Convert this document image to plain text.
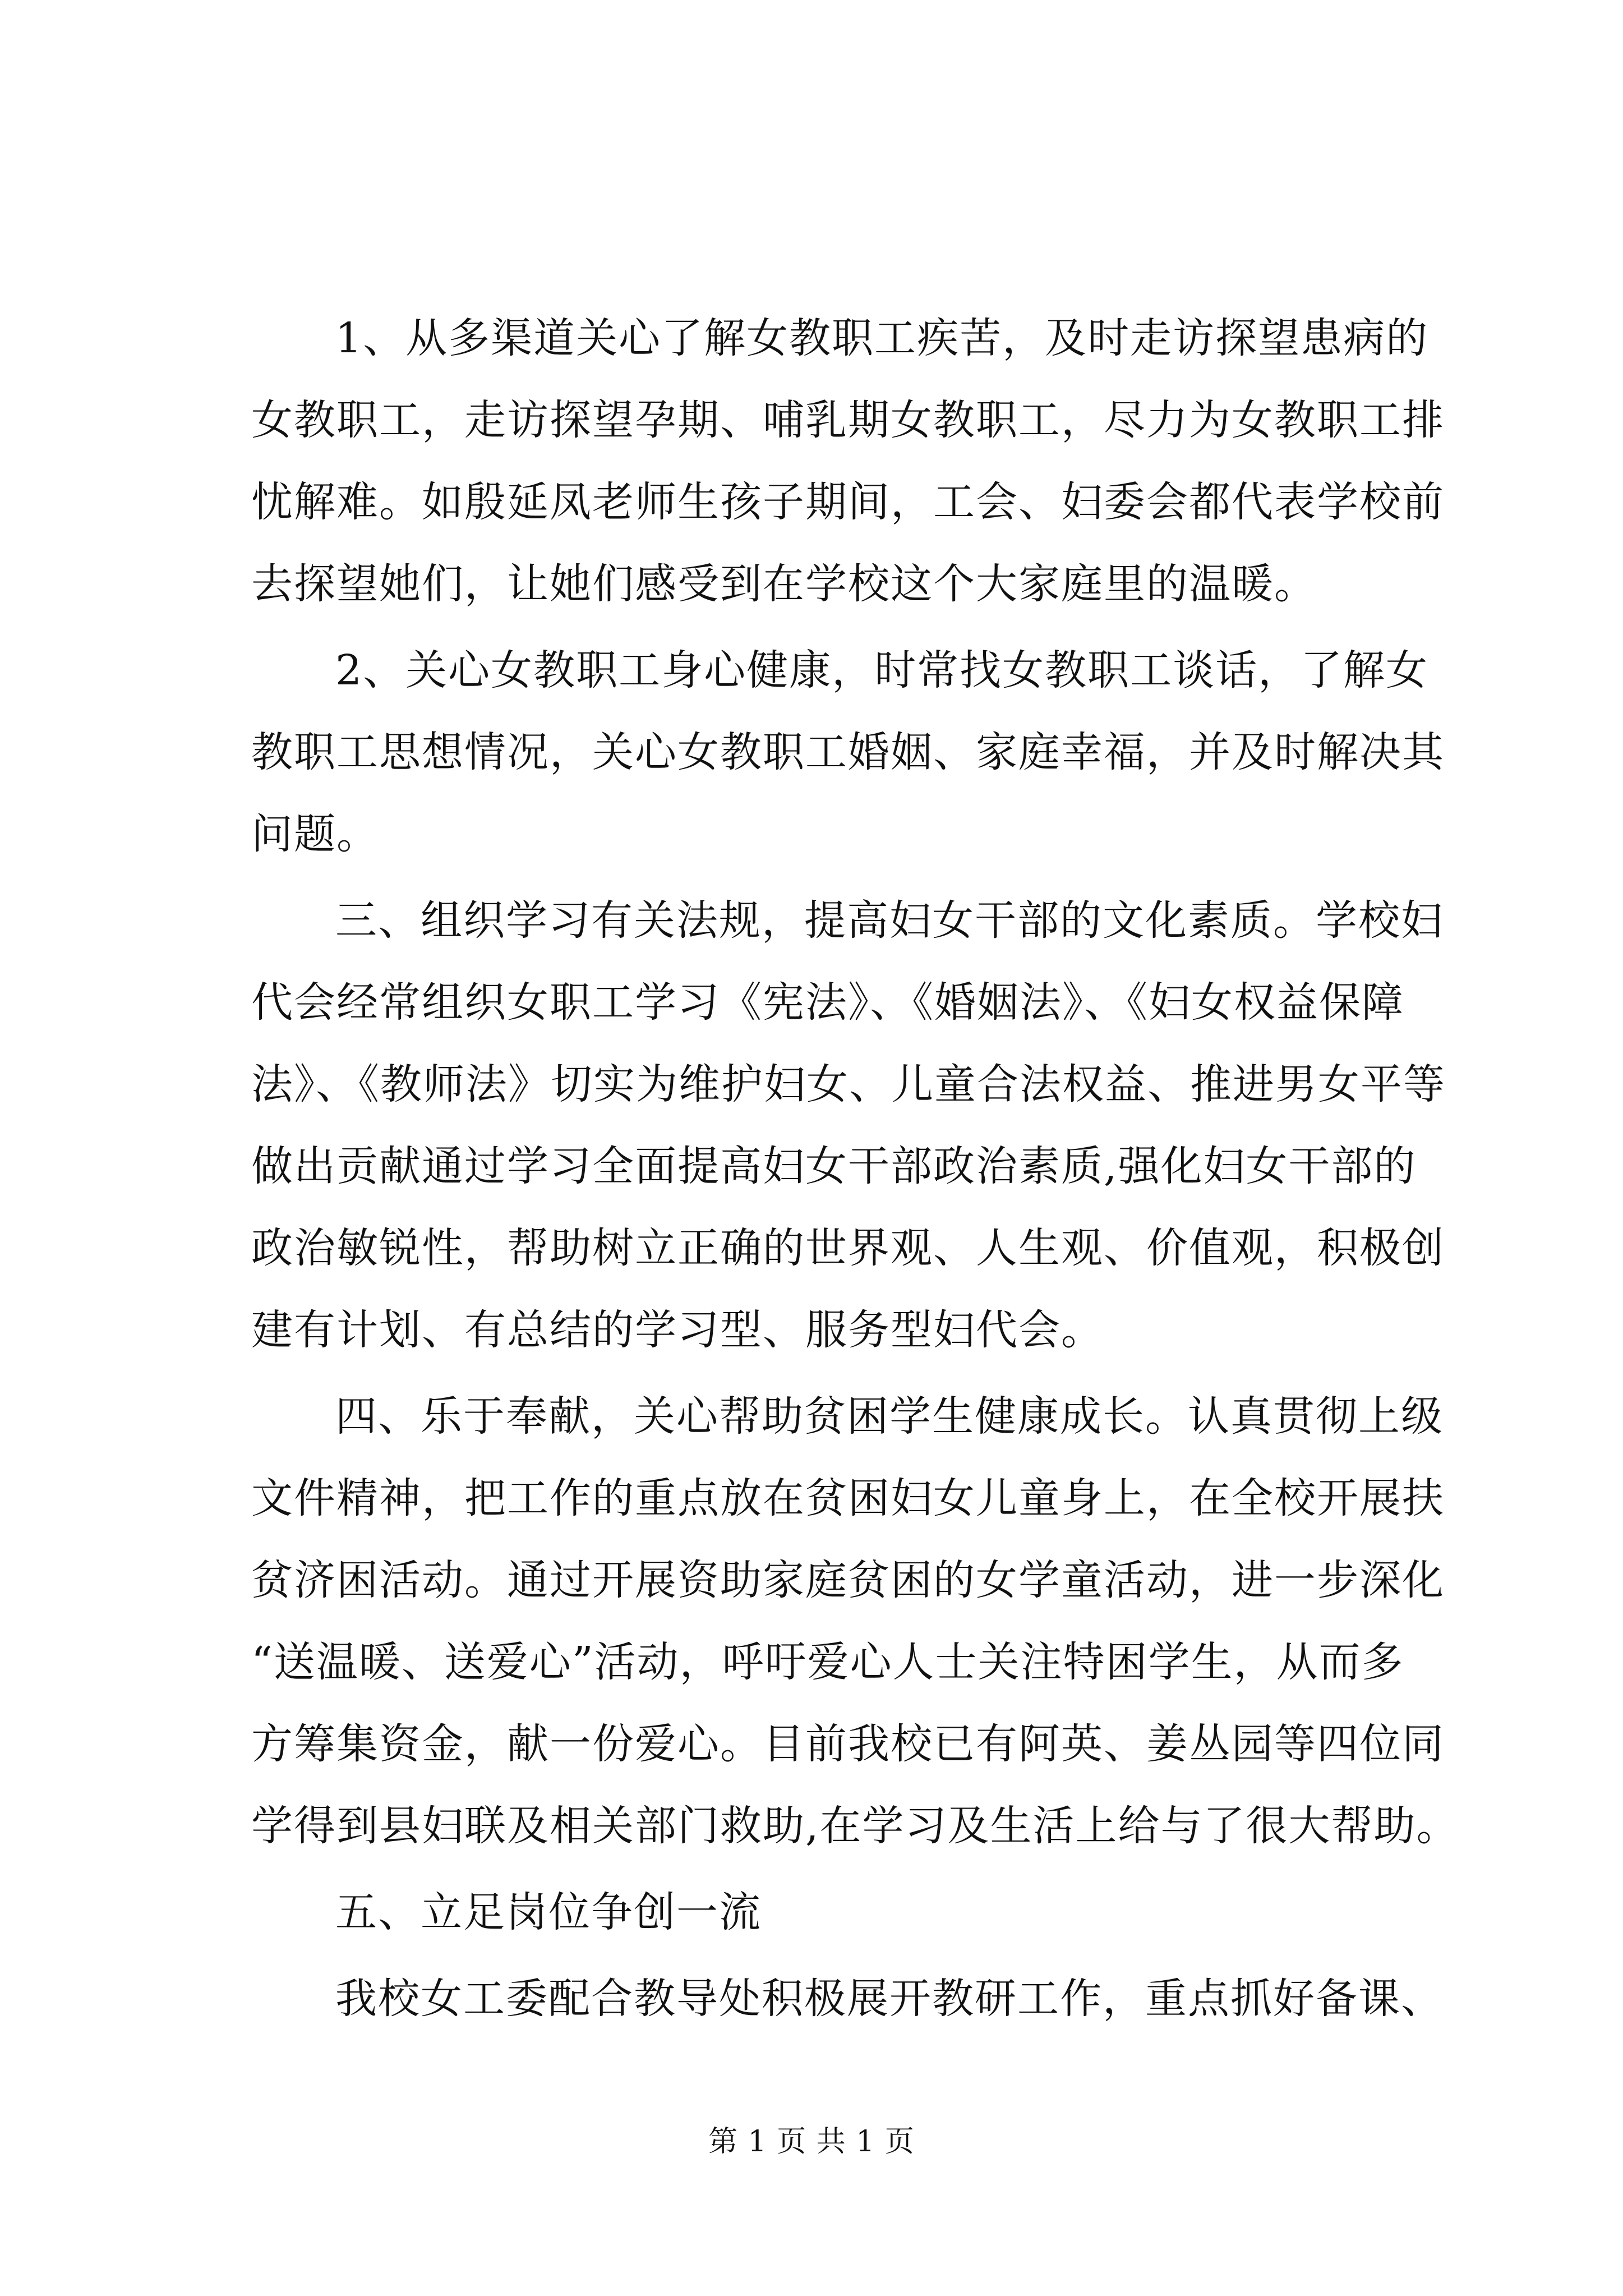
1、从多渠道关心了解女教职工疾苦，及时走访探望患病的
女教职工，走访探望孕期、哺乳期女教职工，尽力为女教职工排
忧解难。如殷延凤老师生孩子期间，工会、妇委会都代表学校前
去探望她们，让她们感受到在学校这个大家庭里的温暖。

2、关心女教职工身心健康，时常找女教职工谈话，了解女
教职工思想情况，关心女教职工婚姻、家庭幸福，并及时解决其
问题。

三、组织学习有关法规，提高妇女干部的文化素质。学校妇
代会经常组织女职工学习《宪法》、《婚姻法》、《妇女权益保障
法》、《教师法》切实为维护妇女、儿童合法权益、推进男女平等
做出贡献通过学习全面提高妇女干部政治素质,强化妇女干部的
政治敏锐性，帮助树立正确的世界观、人生观、价值观，积极创
建有计划、有总结的学习型、服务型妇代会。

四、乐于奉献，关心帮助贫困学生健康成长。认真贯彻上级
文件精神，把工作的重点放在贫困妇女儿童身上，在全校开展扶
贫济困活动。通过开展资助家庭贫困的女学童活动，进一步深化
“送温暖、送爱心”活动，呼吁爱心人士关注特困学生，从而多
方筹集资金，献一份爱心。目前我校已有阿英、姜丛园等四位同
学得到县妇联及相关部门救助,在学习及生活上给与了很大帮助。

五、立足岗位争创一流

我校女工委配合教导处积极展开教研工作，重点抓好备课、

第 1 页 共 1 页
